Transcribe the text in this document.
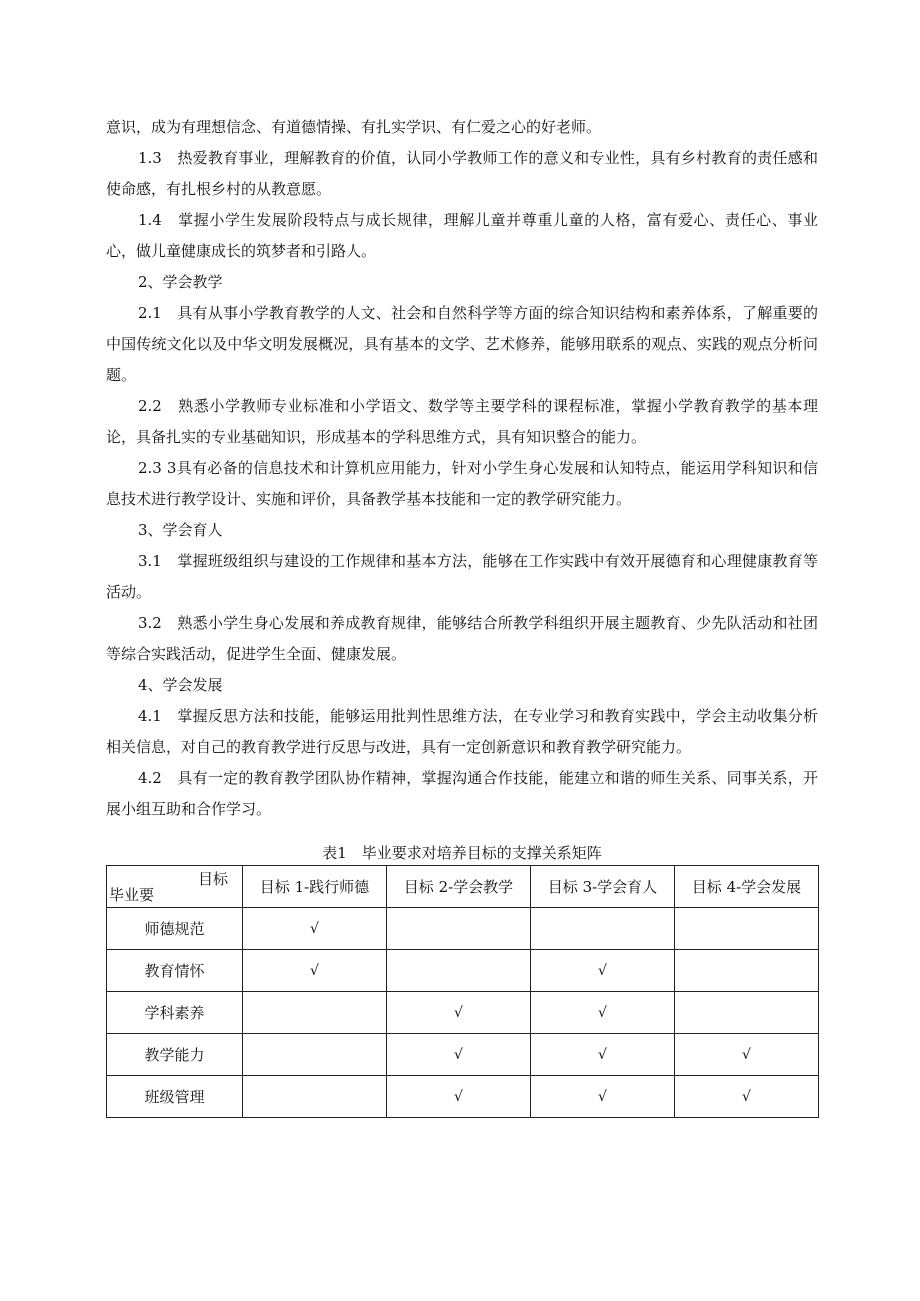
意识，成为有理想信念、有道德情操、有扎实学识、有仁爱之心的好老师。

1.3　热爱教育事业，理解教育的价值，认同小学教师工作的意义和专业性，具有乡村教育的责任感和使命感，有扎根乡村的从教意愿。

1.4　掌握小学生发展阶段特点与成长规律，理解儿童并尊重儿童的人格，富有爱心、责任心、事业心，做儿童健康成长的筑梦者和引路人。

2、学会教学

2.1　具有从事小学教育教学的人文、社会和自然科学等方面的综合知识结构和素养体系，了解重要的中国传统文化以及中华文明发展概况，具有基本的文学、艺术修养，能够用联系的观点、实践的观点分析问题。

2.2　熟悉小学教师专业标准和小学语文、数学等主要学科的课程标准，掌握小学教育教学的基本理论，具备扎实的专业基础知识，形成基本的学科思维方式，具有知识整合的能力。

2.3 3具有必备的信息技术和计算机应用能力，针对小学生身心发展和认知特点，能运用学科知识和信息技术进行教学设计、实施和评价，具备教学基本技能和一定的教学研究能力。

3、学会育人

3.1　掌握班级组织与建设的工作规律和基本方法，能够在工作实践中有效开展德育和心理健康教育等活动。

3.2　熟悉小学生身心发展和养成教育规律，能够结合所教学科组织开展主题教育、少先队活动和社团等综合实践活动，促进学生全面、健康发展。

4、学会发展

4.1　掌握反思方法和技能，能够运用批判性思维方法，在专业学习和教育实践中，学会主动收集分析相关信息，对自己的教育教学进行反思与改进，具有一定创新意识和教育教学研究能力。

4.2　具有一定的教育教学团队协作精神，掌握沟通合作技能，能建立和谐的师生关系、同事关系，开展小组互助和合作学习。

表1　毕业要求对培养目标的支撑关系矩阵
目标
毕业要	目标 1-践行师德	目标 2-学会教学	目标 3-学会育人	目标 4-学会发展
师德规范	√			
教育情怀	√		√	
学科素养		√	√	
教学能力		√	√	√
班级管理		√	√	√
